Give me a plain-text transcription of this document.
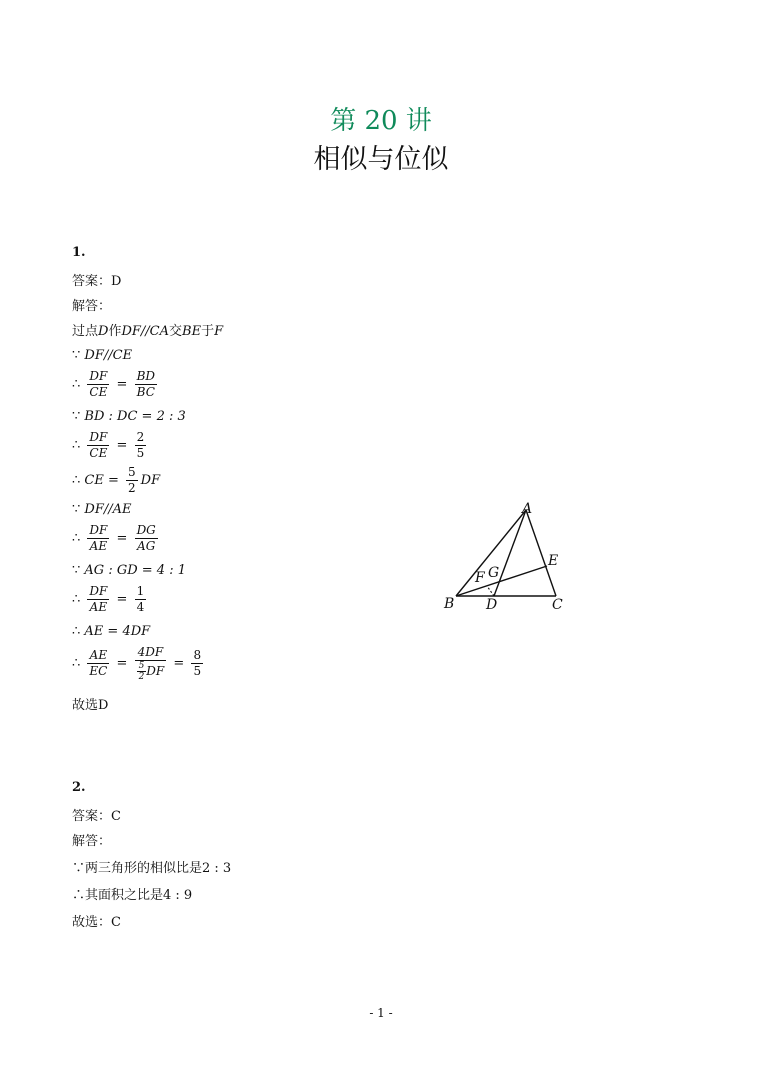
第 20 讲
相似与位似
1.
答案：D
解答：
过点D作DF//CA交BE于F
∵ DF//CE
∴ $\frac{DF}{CE} = \frac{BD}{BC}$
∵ BD : DC = 2 : 3
∴ $\frac{DF}{CE} = \frac{2}{5}$
∴ CE = $\frac{5}{2}$ DF
∵ DF//AE
∴ $\frac{DF}{AE} = \frac{DG}{AG}$
∵ AG : GD = 4 : 1
∴ $\frac{DF}{AE} = \frac{1}{4}$
∴ AE = 4DF
∴ $\frac{AE}{EC} = \frac{4DF}{\frac{5}{2} DF} = \frac{8}{5}$
故选D
A
B	C
D
E
F G
2.
答案：C
解答：
∵两三角形的相似比是2 : 3
∴其面积之比是4 : 9
故选：C
- 1 -
